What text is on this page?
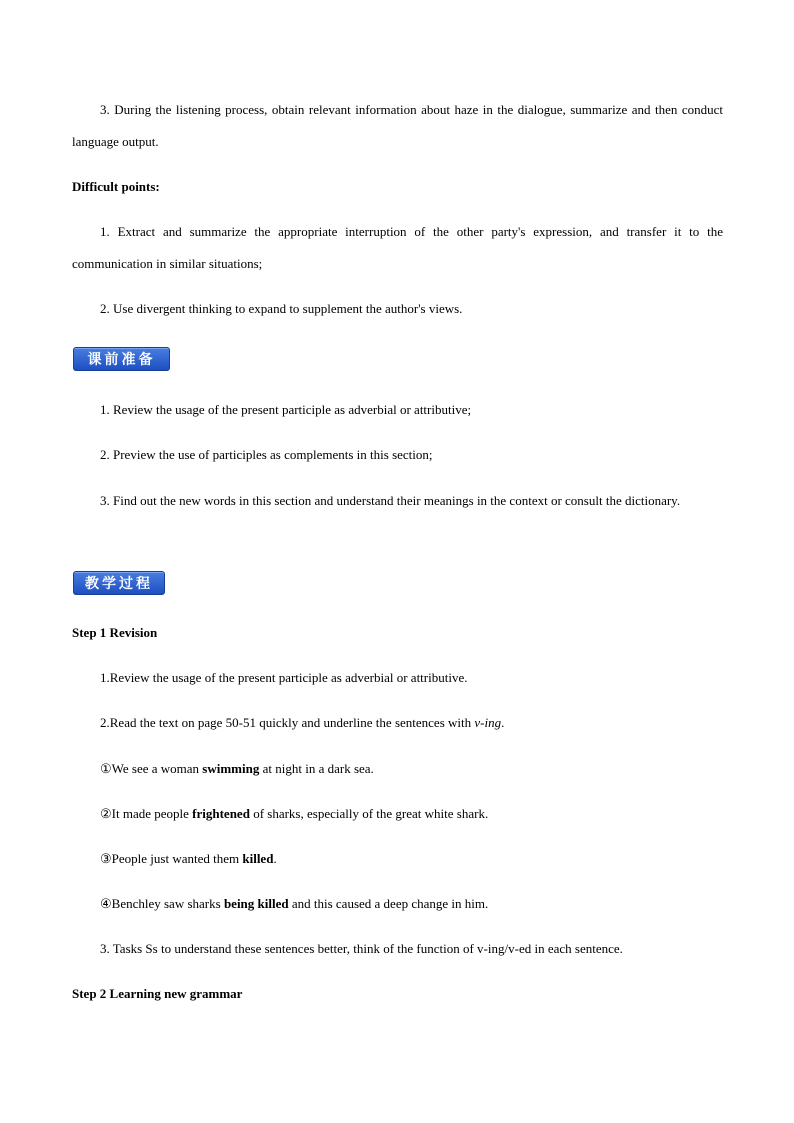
3. During the listening process, obtain relevant information about haze in the dialogue, summarize and then conduct language output.

Difficult points:

1. Extract and summarize the appropriate interruption of the other party's expression, and transfer it to the communication in similar situations;

2. Use divergent thinking to expand to supplement the author's views.

课前准备

1. Review the usage of the present participle as adverbial or attributive;

2. Preview the use of participles as complements in this section;

3. Find out the new words in this section and understand their meanings in the context or consult the dictionary.

教学过程

Step 1 Revision

1.Review the usage of the present participle as adverbial or attributive.

2.Read the text on page 50-51 quickly and underline the sentences with v-ing.

①We see a woman swimming at night in a dark sea.

②It made people frightened of sharks, especially of the great white shark.

③People just wanted them killed.

④Benchley saw sharks being killed and this caused a deep change in him.

3. Tasks Ss to understand these sentences better, think of the function of v-ing/v-ed in each sentence.

Step 2 Learning new grammar
